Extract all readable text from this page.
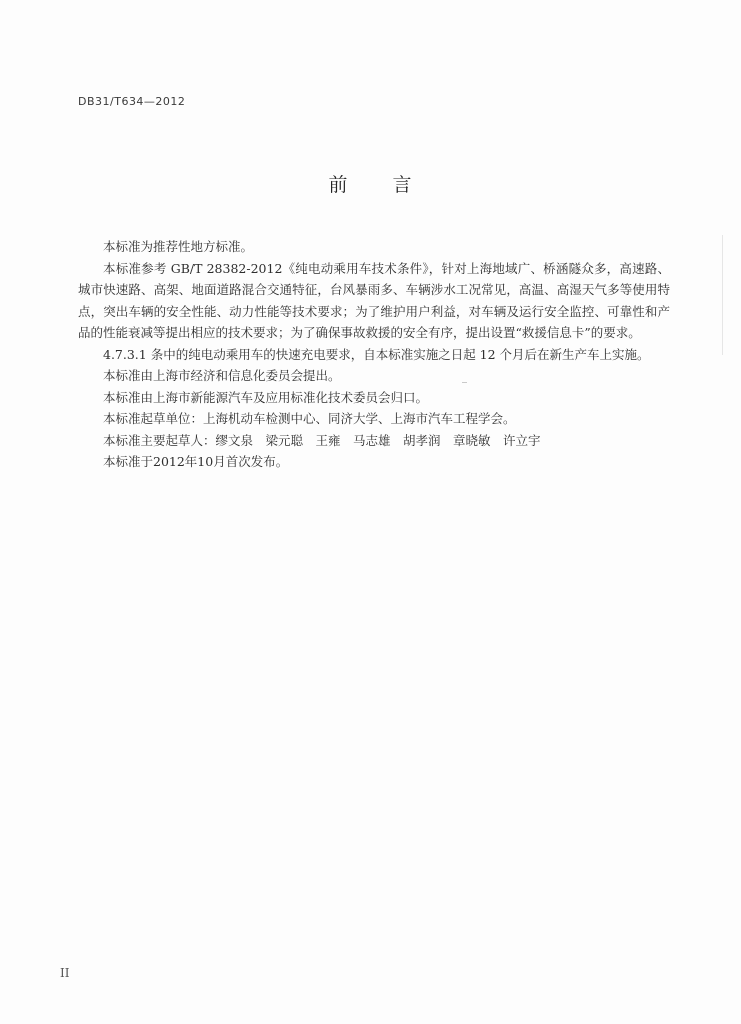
DB31/T634—2012
前 言

本标准为推荐性地方标准。

本标准参考 GB/T 28382-2012《纯电动乘用车技术条件》，针对上海地域广、桥涵隧众多，高速路、城市快速路、高架、地面道路混合交通特征，台风暴雨多、车辆涉水工况常见，高温、高湿天气多等使用特点，突出车辆的安全性能、动力性能等技术要求；为了维护用户利益，对车辆及运行安全监控、可靠性和产品的性能衰减等提出相应的技术要求；为了确保事故救援的安全有序，提出设置“救援信息卡”的要求。

4.7.3.1 条中的纯电动乘用车的快速充电要求，自本标准实施之日起 12 个月后在新生产车上实施。

本标准由上海市经济和信息化委员会提出。

本标准由上海市新能源汽车及应用标准化技术委员会归口。

本标准起草单位：上海机动车检测中心、同济大学、上海市汽车工程学会。

本标准主要起草人：缪文泉　梁元聪　王雍　马志雄　胡孝润　章晓敏　许立宇

本标准于2012年10月首次发布。

II
